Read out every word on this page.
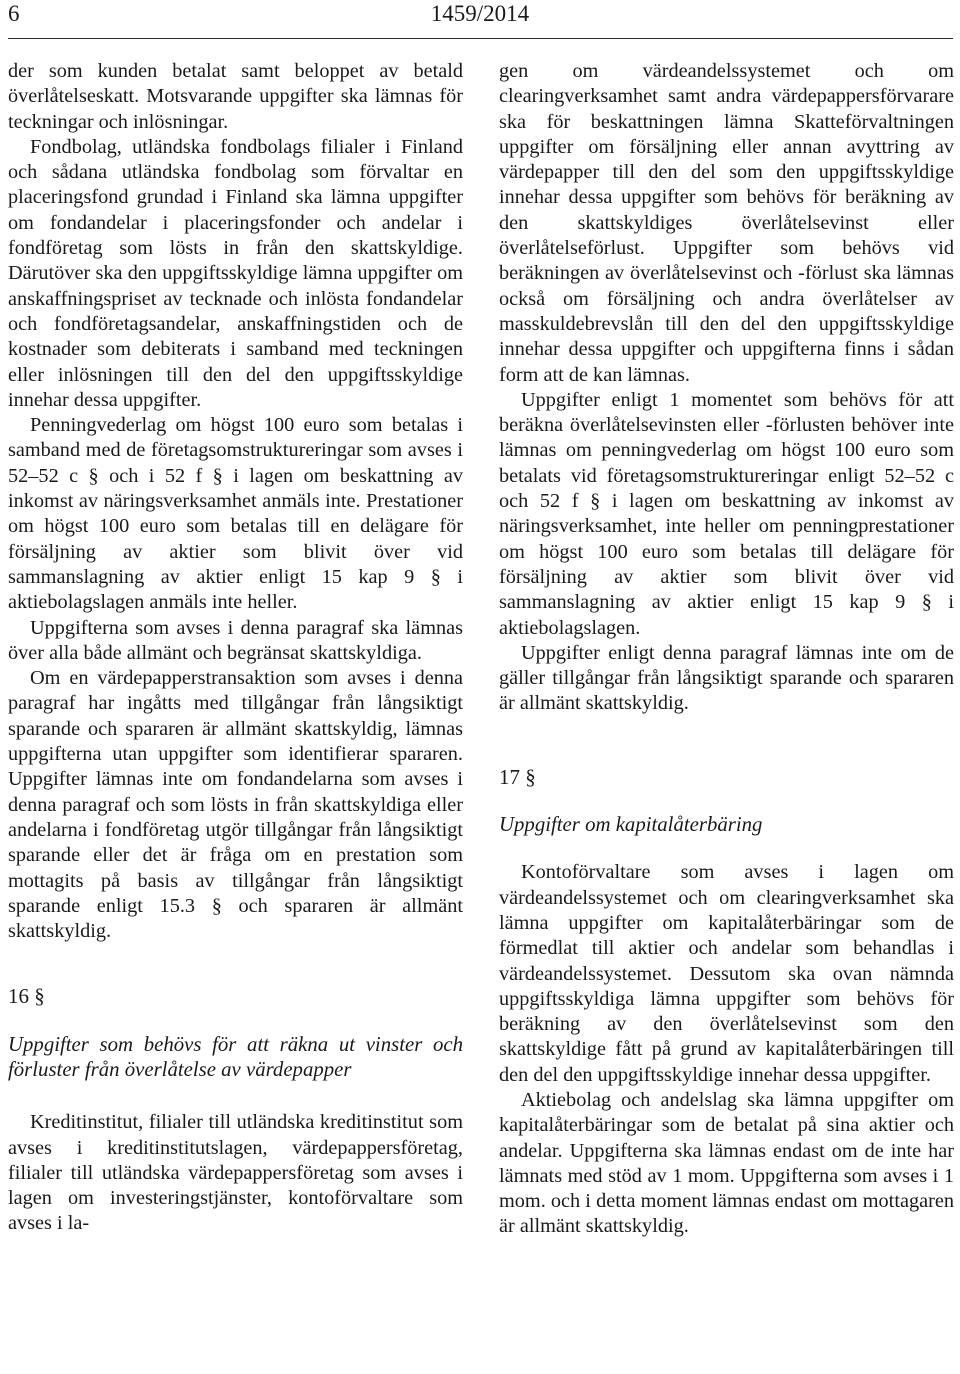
6	1459/2014

der som kunden betalat samt beloppet av betald överlåtelseskatt. Motsvarande uppgifter ska lämnas för teckningar och inlösningar.

Fondbolag, utländska fondbolags filialer i Finland och sådana utländska fondbolag som förvaltar en placeringsfond grundad i Finland ska lämna uppgifter om fondandelar i placeringsfonder och andelar i fondföretag som lösts in från den skattskyldige. Därutöver ska den uppgiftsskyldige lämna uppgifter om anskaffningspriset av tecknade och inlösta fondandelar och fondföretagsandelar, anskaffningstiden och de kostnader som debiterats i samband med teckningen eller inlösningen till den del den uppgiftsskyldige innehar dessa uppgifter.

Penningvederlag om högst 100 euro som betalas i samband med de företagsomstruktureringar som avses i 52–52 c § och i 52 f § i lagen om beskattning av inkomst av näringsverksamhet anmäls inte. Prestationer om högst 100 euro som betalas till en delägare för försäljning av aktier som blivit över vid sammanslagning av aktier enligt 15 kap 9 § i aktiebolagslagen anmäls inte heller.

Uppgifterna som avses i denna paragraf ska lämnas över alla både allmänt och begränsat skattskyldiga.

Om en värdepapperstransaktion som avses i denna paragraf har ingåtts med tillgångar från långsiktigt sparande och spararen är allmänt skattskyldig, lämnas uppgifterna utan uppgifter som identifierar spararen. Uppgifter lämnas inte om fondandelarna som avses i denna paragraf och som lösts in från skattskyldiga eller andelarna i fondföretag utgör tillgångar från långsiktigt sparande eller det är fråga om en prestation som mottagits på basis av tillgångar från långsiktigt sparande enligt 15.3 § och spararen är allmänt skattskyldig.

16 §

Uppgifter som behövs för att räkna ut vinster och förluster från överlåtelse av värdepapper

Kreditinstitut, filialer till utländska kreditinstitut som avses i kreditinstitutslagen, värdepappersföretag, filialer till utländska värdepappersföretag som avses i lagen om investeringstjänster, kontoförvaltare som avses i la-

gen om värdeandelssystemet och om clearingverksamhet samt andra värdepappersförvarare ska för beskattningen lämna Skatteförvaltningen uppgifter om försäljning eller annan avyttring av värdepapper till den del som den uppgiftsskyldige innehar dessa uppgifter som behövs för beräkning av den skattskyldiges överlåtelsevinst eller överlåtelseförlust. Uppgifter som behövs vid beräkningen av överlåtelsevinst och -förlust ska lämnas också om försäljning och andra överlåtelser av masskuldebrevslån till den del den uppgiftsskyldige innehar dessa uppgifter och uppgifterna finns i sådan form att de kan lämnas.

Uppgifter enligt 1 momentet som behövs för att beräkna överlåtelsevinsten eller -förlusten behöver inte lämnas om penningvederlag om högst 100 euro som betalats vid företagsomstruktureringar enligt 52–52 c och 52 f § i lagen om beskattning av inkomst av näringsverksamhet, inte heller om penningprestationer om högst 100 euro som betalas till delägare för försäljning av aktier som blivit över vid sammanslagning av aktier enligt 15 kap 9 § i aktiebolagslagen.

Uppgifter enligt denna paragraf lämnas inte om de gäller tillgångar från långsiktigt sparande och spararen är allmänt skattskyldig.

17 §

Uppgifter om kapitalåterbäring

Kontoförvaltare som avses i lagen om värdeandelssystemet och om clearingverksamhet ska lämna uppgifter om kapitalåterbäringar som de förmedlat till aktier och andelar som behandlas i värdeandelssystemet. Dessutom ska ovan nämnda uppgiftsskyldiga lämna uppgifter som behövs för beräkning av den överlåtelsevinst som den skattskyldige fått på grund av kapitalåterbäringen till den del den uppgiftsskyldige innehar dessa uppgifter.

Aktiebolag och andelslag ska lämna uppgifter om kapitalåterbäringar som de betalat på sina aktier och andelar. Uppgifterna ska lämnas endast om de inte har lämnats med stöd av 1 mom. Uppgifterna som avses i 1 mom. och i detta moment lämnas endast om mottagaren är allmänt skattskyldig.
